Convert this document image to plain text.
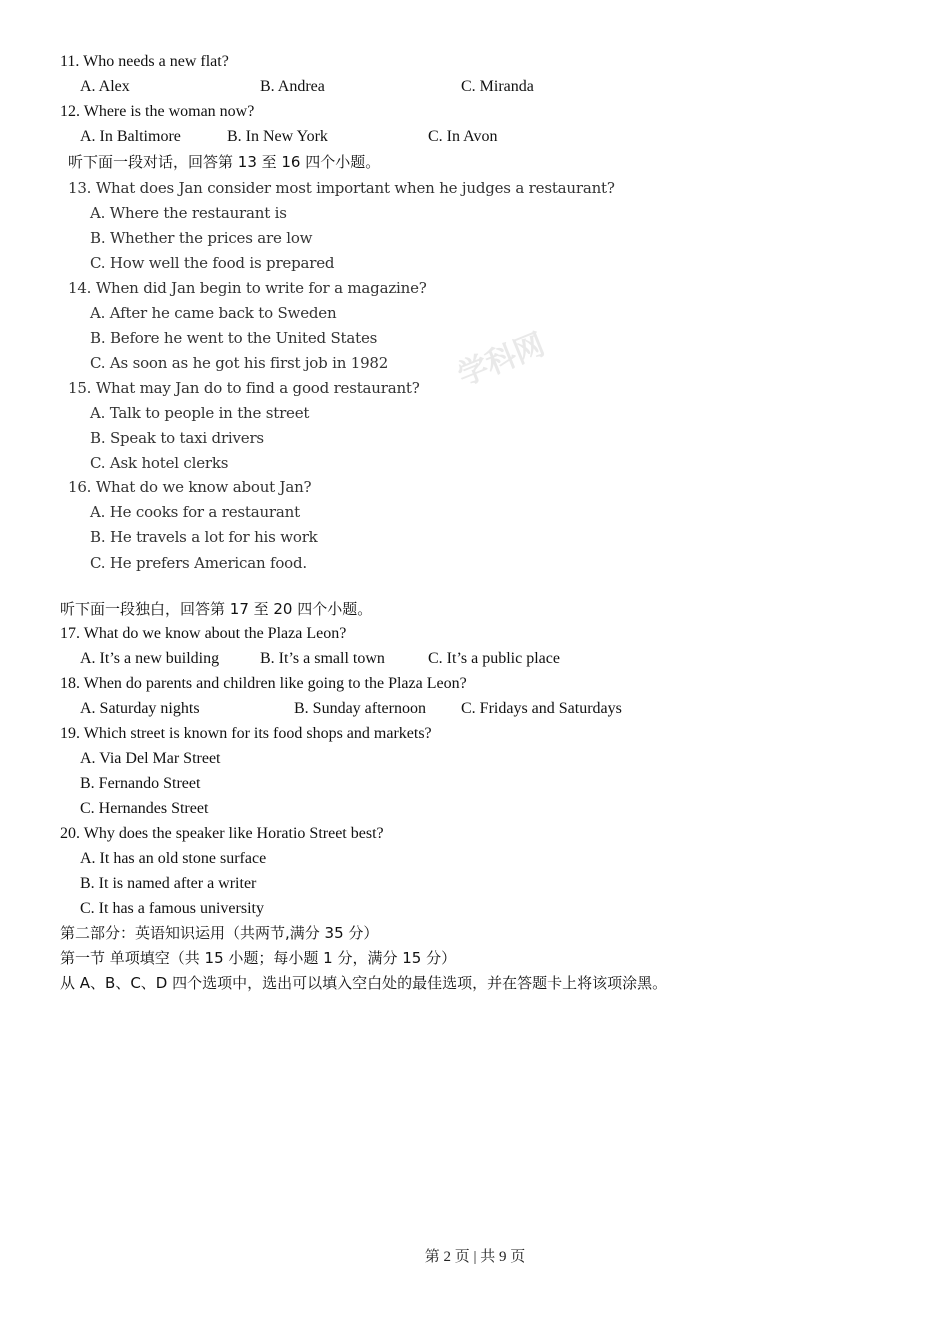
学科网
11. Who needs a new flat?
A. Alex	B. Andrea	C. Miranda
12. Where is the woman now?
A. In Baltimore	B. In New York	C. In Avon
听下面一段对话，回答第 13 至 16 四个小题。
13. What does Jan consider most important when he judges a restaurant?
A. Where the restaurant is
B. Whether the prices are low
C. How well the food is prepared
14. When did Jan begin to write for a magazine?
A. After he came back to Sweden
B. Before he went to the United States
C. As soon as he got his first job in 1982
15. What may Jan do to find a good restaurant?
A. Talk to people in the street
B. Speak to taxi drivers
C. Ask hotel clerks
16. What do we know about Jan?
A. He cooks for a restaurant
B. He travels a lot for his work
C. He prefers American food.
听下面一段独白，回答第 17 至 20 四个小题。
17. What do we know about the Plaza Leon?
A. It’s a new building	B. It’s a small town	C. It’s a public place
18. When do parents and children like going to the Plaza Leon?
A. Saturday nights	B. Sunday afternoon C. Fridays and Saturdays
19. Which street is known for its food shops and markets?
A. Via Del Mar Street
B. Fernando Street
C. Hernandes Street
20. Why does the speaker like Horatio Street best?
A. It has an old stone surface
B. It is named after a writer
C. It has a famous university
第二部分：英语知识运用（共两节,满分 35 分）
第一节 单项填空（共 15 小题；每小题 1 分，满分 15 分）
从 A、B、C、D 四个选项中，选出可以填入空白处的最佳选项，并在答题卡上将该项涂黑。
第 2 页 | 共 9 页
